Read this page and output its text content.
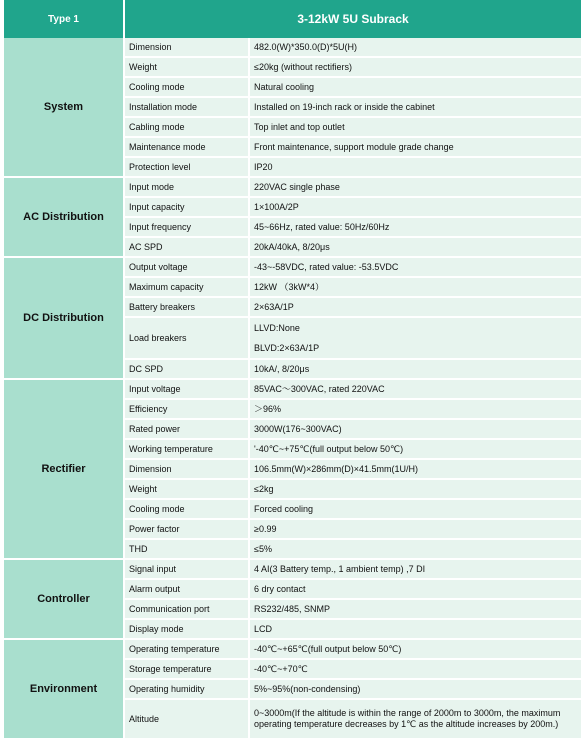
Type 1	3-12kW 5U Subrack	
System	Dimension	482.0(W)*350.0(D)*5U(H)
	Weight	≤20kg (without rectifiers)
	Cooling mode	Natural cooling
	Installation mode	Installed on 19-inch rack or inside the cabinet
	Cabling mode	Top inlet and top outlet
	Maintenance mode	Front maintenance, support module grade change
	Protection level	IP20
AC Distribution	Input mode	220VAC single phase
	Input capacity	1×100A/2P
	Input frequency	45~66Hz, rated value: 50Hz/60Hz
	AC SPD	20kA/40kA, 8/20μs
DC Distribution	Output voltage	-43~-58VDC, rated value: -53.5VDC
	Maximum capacity	12kW （3kW*4）
	Battery breakers	2×63A/1P
	Load breakers	LLVD:None
BLVD:2×63A/1P

	DC SPD	10kA/, 8/20μs
Rectifier	Input voltage	85VAC～300VAC, rated 220VAC
	Efficiency	＞96%
	Rated power	3000W(176~300VAC)
	Working temperature	'-40℃~+75℃(full output below 50℃)
	Dimension	106.5mm(W)×286mm(D)×41.5mm(1U/H)
	Weight	≤2kg
	Cooling mode	Forced cooling
	Power factor	≥0.99
	THD	≤5%
Controller	Signal input	4 AI(3 Battery temp., 1 ambient temp) ,7 DI
	Alarm output	6 dry contact
	Communication port	RS232/485, SNMP
	Display mode	LCD
Environment	Operating temperature	-40℃~+65℃(full output below 50℃)
	Storage temperature	-40℃~+70℃
	Operating humidity	5%~95%(non-condensing)
	Altitude	0~3000m(If the altitude is within the range of 2000m to 3000m, the maximum operating temperature decreases by 1℃ as the altitude increases by 200m.)
